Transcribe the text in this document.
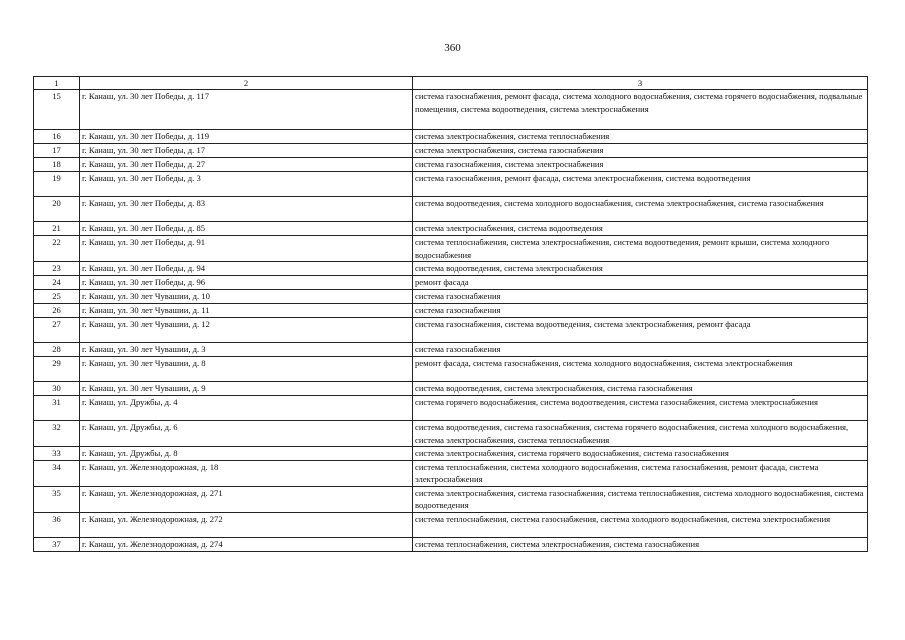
360
1	2	3
15	г. Канаш, ул. 30 лет Победы, д. 117	система газоснабжения, ремонт фасада, система холодного водоснабжения, система горячего водоснабжения, подвальные помещения, система водоотведения, система электроснабжения
16	г. Канаш, ул. 30 лет Победы, д. 119	система электроснабжения, система теплоснабжения
17	г. Канаш, ул. 30 лет Победы, д. 17	система электроснабжения, система газоснабжения
18	г. Канаш, ул. 30 лет Победы, д. 27	система газоснабжения, система электроснабжения
19	г. Канаш, ул. 30 лет Победы, д. 3	система газоснабжения, ремонт фасада, система электроснабжения, система водоотведения
20	г. Канаш, ул. 30 лет Победы, д. 83	система водоотведения, система холодного водоснабжения, система электроснабжения, система газоснабжения
21	г. Канаш, ул. 30 лет Победы, д. 85	система электроснабжения, система водоотведения
22	г. Канаш, ул. 30 лет Победы, д. 91	система теплоснабжения, система электроснабжения, система водоотведения, ремонт крыши, система холодного водоснабжения
23	г. Канаш, ул. 30 лет Победы, д. 94	система водоотведения, система электроснабжения
24	г. Канаш, ул. 30 лет Победы, д. 96	ремонт фасада
25	г. Канаш, ул. 30 лет Чувашии, д. 10	система газоснабжения
26	г. Канаш, ул. 30 лет Чувашии, д. 11	система газоснабжения
27	г. Канаш, ул. 30 лет Чувашии, д. 12	система газоснабжения, система водоотведения, система электроснабжения, ремонт фасада
28	г. Канаш, ул. 30 лет Чувашии, д. 3	система газоснабжения
29	г. Канаш, ул. 30 лет Чувашии, д. 8	ремонт фасада, система газоснабжения, система холодного водоснабжения, система электроснабжения
30	г. Канаш, ул. 30 лет Чувашии, д. 9	система водоотведения, система электроснабжения, система газоснабжения
31	г. Канаш, ул. Дружбы, д. 4	система горячего водоснабжения, система водоотведения, система газоснабжения, система электроснабжения
32	г. Канаш, ул. Дружбы, д. 6	система водоотведения, система газоснабжения, система горячего водоснабжения, система холодного водоснабжения, система электроснабжения, система теплоснабжения
33	г. Канаш, ул. Дружбы, д. 8	система электроснабжения, система горячего водоснабжения, система газоснабжения
34	г. Канаш, ул. Железнодорожная, д. 18	система теплоснабжения, система холодного водоснабжения, система газоснабжения, ремонт фасада, система электроснабжения
35	г. Канаш, ул. Железнодорожная, д. 271	система электроснабжения, система газоснабжения, система теплоснабжения, система холодного водоснабжения, система водоотведения
36	г. Канаш, ул. Железнодорожная, д. 272	система теплоснабжения, система газоснабжения, система холодного водоснабжения, система электроснабжения
37	г. Канаш, ул. Железнодорожная, д. 274	система теплоснабжения, система электроснабжения, система газоснабжения
